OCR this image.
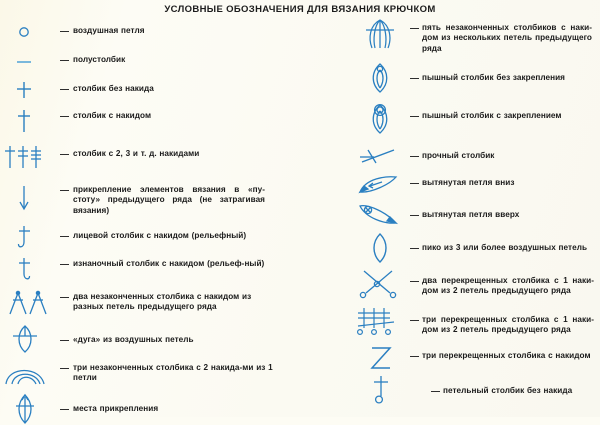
УСЛОВНЫЕ ОБОЗНАЧЕНИЯ ДЛЯ ВЯЗАНИЯ КРЮЧКОМ
— воздушная петля
— полустолбик
— столбик без накида
— столбик с накидом
— столбик с 2, 3 и т. д. накидами
— прикрепление элементов вязания в «пу-стоту» предыдущего ряда (не затрагивая вязания)
— лицевой столбик с накидом (рельефный)
— изнаночный столбик с накидом (рельеф-ный)
— два незаконченных столбика с накидом из разных петель предыдущего ряда
— «дуга» из воздушных петель
— три незаконченных столбика с 2 накида-ми из 1 петли
— места прикрепления
— пять незаконченных столбиков с наки-дом из нескольких петель предыдущего ряда
— пышный столбик без закрепления
— пышный столбик с закреплением
— прочный столбик
— вытянутая петля вниз
— вытянутая петля вверх
— пико из 3 или более воздушных петель
— два перекрещенных столбика с 1 наки-дом из 2 петель предыдущего ряда
— три перекрещенных столбика с 1 наки-дом из 2 петель предыдущего ряда
— три перекрещенных столбика с накидом
— петельный столбик без накида
